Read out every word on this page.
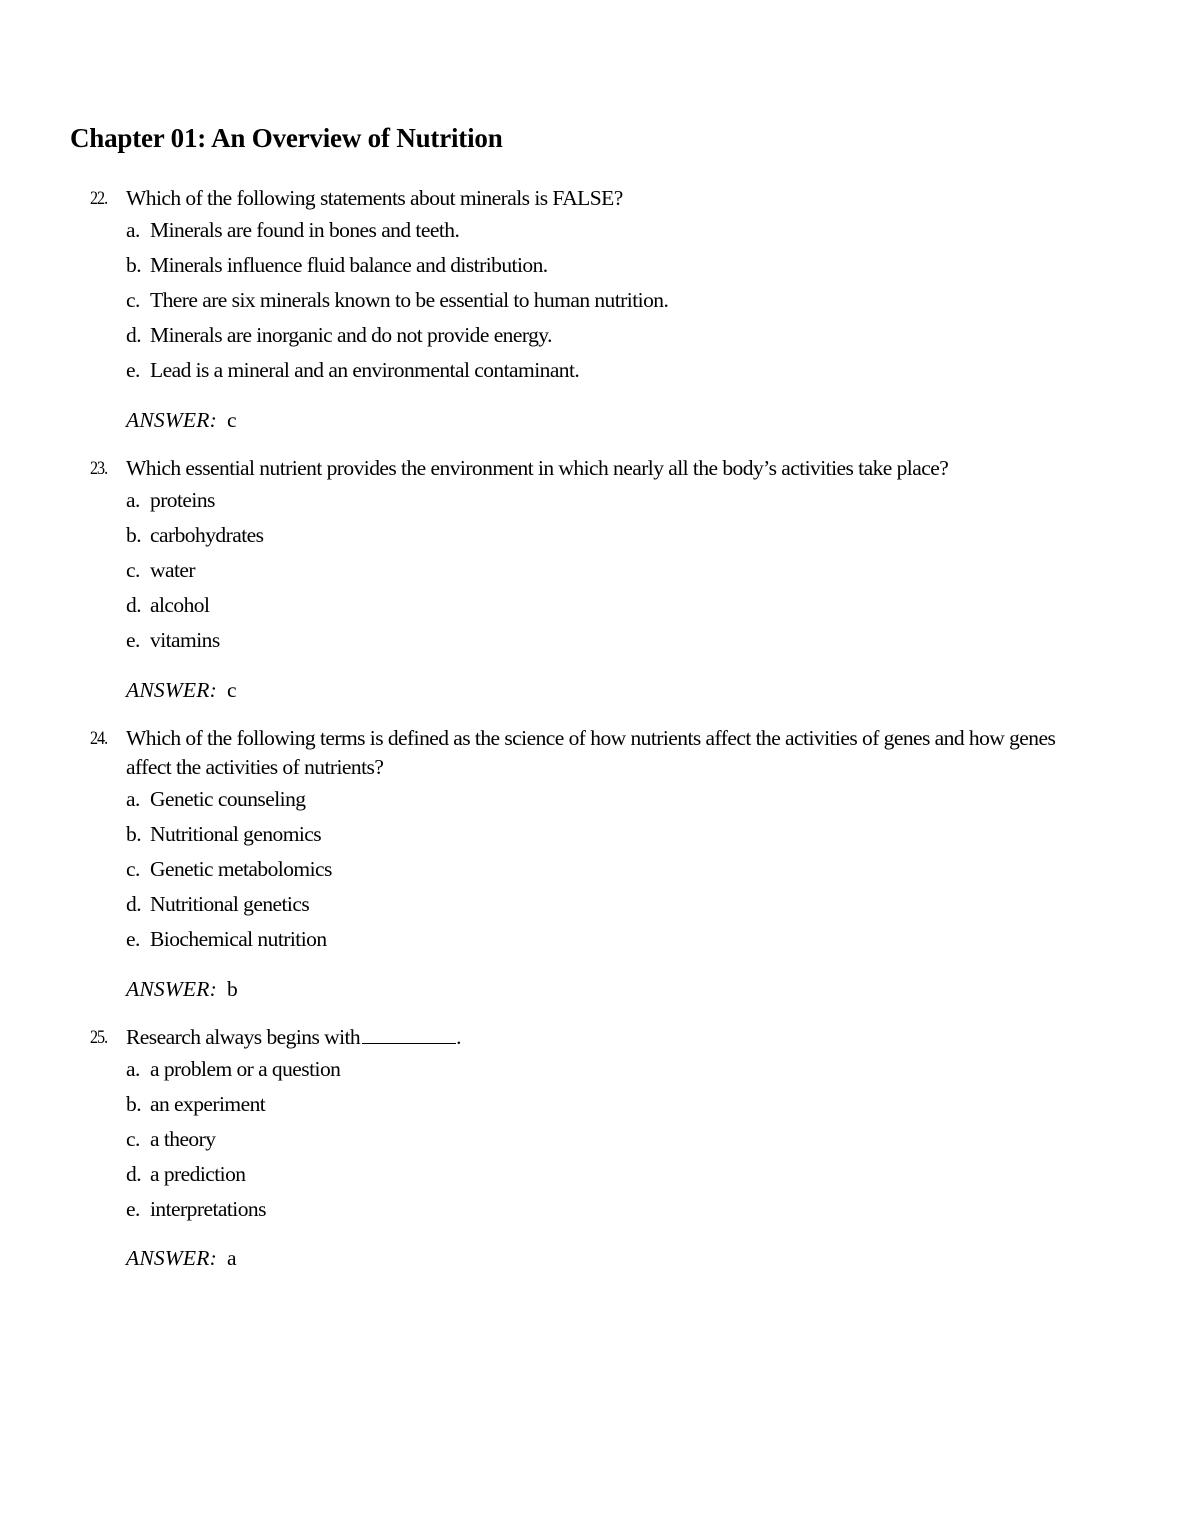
Chapter 01: An Overview of Nutrition
22. Which of the following statements about minerals is FALSE?
a. Minerals are found in bones and teeth.
b. Minerals influence fluid balance and distribution.
c. There are six minerals known to be essential to human nutrition.
d. Minerals are inorganic and do not provide energy.
e. Lead is a mineral and an environmental contaminant.
ANSWER: c
23. Which essential nutrient provides the environment in which nearly all the body’s activities take place?
a. proteins
b. carbohydrates
c. water
d. alcohol
e. vitamins
ANSWER: c
24. Which of the following terms is defined as the science of how nutrients affect the activities of genes and how genes affect the activities of nutrients?
a. Genetic counseling
b. Nutritional genomics
c. Genetic metabolomics
d. Nutritional genetics
e. Biochemical nutrition
ANSWER: b
25. Research always begins with	.
a. a problem or a question
b. an experiment
c. a theory
d. a prediction
e. interpretations
ANSWER: a
